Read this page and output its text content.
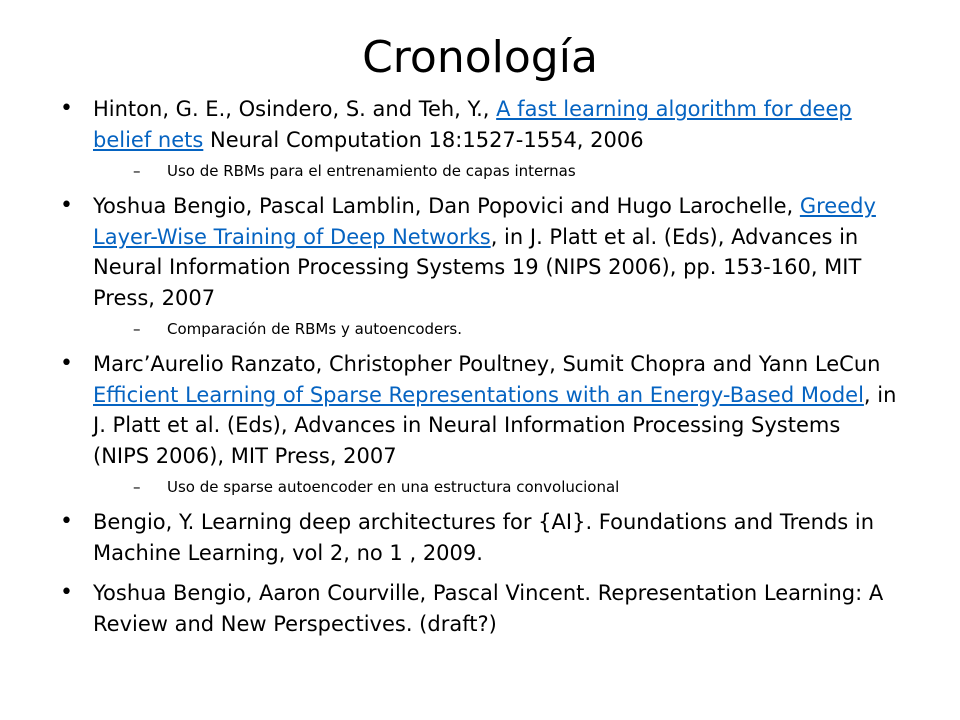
Cronología
•
Hinton, G. E., Osindero, S. and Teh, Y., A fast learning algorithm for deep belief nets Neural Computation 18:1527-1554, 2006
–
Uso de RBMs para el entrenamiento de capas internas
•
Yoshua Bengio, Pascal Lamblin, Dan Popovici and Hugo Larochelle, Greedy Layer-Wise Training of Deep Networks, in J. Platt et al. (Eds), Advances in Neural Information Processing Systems 19 (NIPS 2006), pp. 153-160, MIT Press, 2007
–
Comparación de RBMs y autoencoders.
•
Marc’Aurelio Ranzato, Christopher Poultney, Sumit Chopra and Yann LeCun Efficient Learning of Sparse Representations with an Energy-Based Model, in J. Platt et al. (Eds), Advances in Neural Information Processing Systems (NIPS 2006), MIT Press, 2007
–
Uso de sparse autoencoder en una estructura convolucional
•
Bengio, Y. Learning deep architectures for {AI}. Foundations and Trends in Machine Learning, vol 2, no 1 , 2009.
•
Yoshua Bengio, Aaron Courville, Pascal Vincent. Representation Learning: A Review and New Perspectives. (draft?)
